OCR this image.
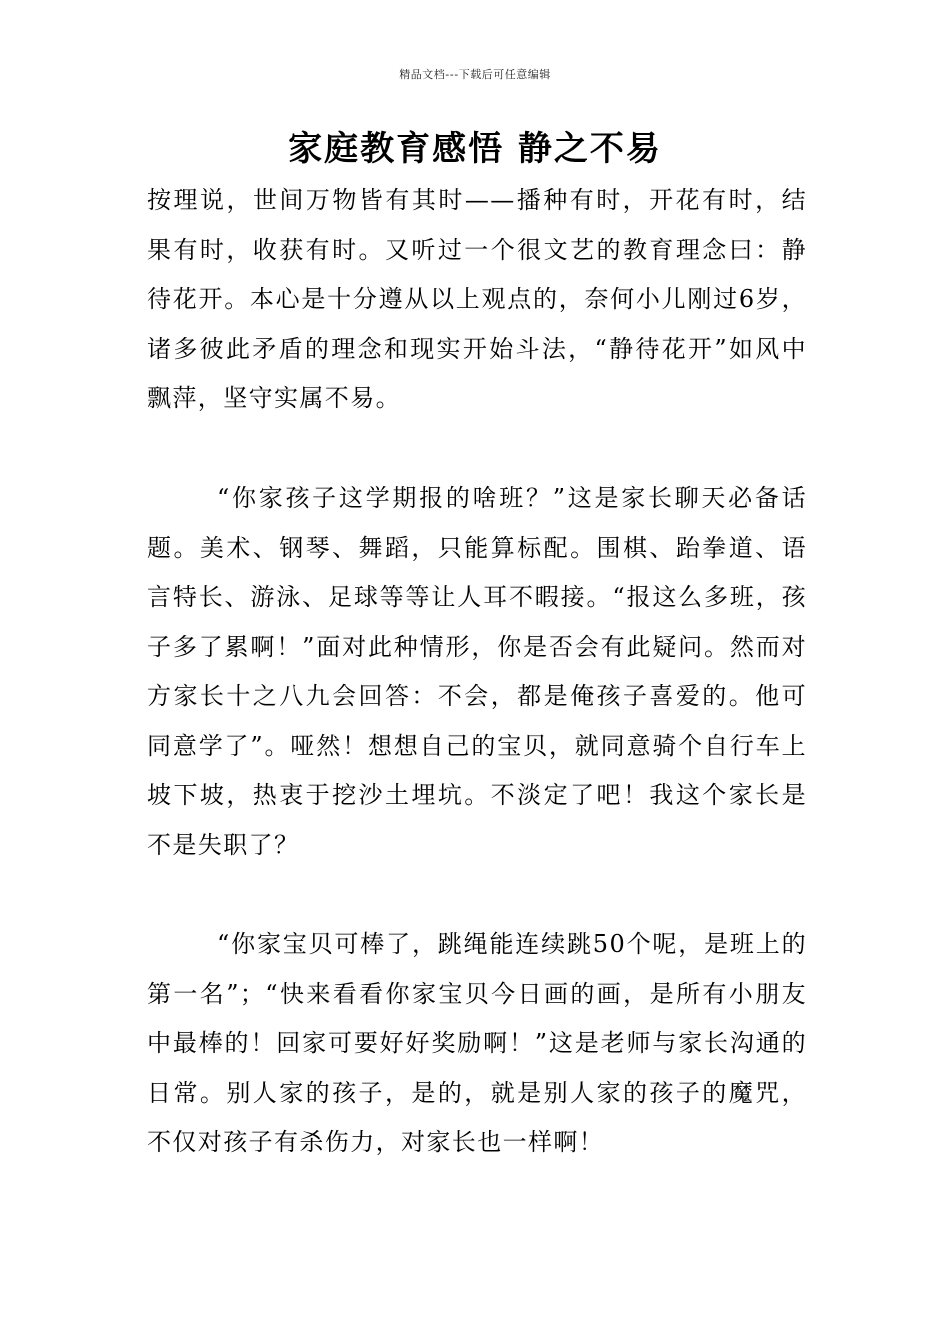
精品文档---下载后可任意编辑
家庭教育感悟 静之不易

按理说，世间万物皆有其时——播种有时，开花有时，结果有时，收获有时。又听过一个很文艺的教育理念曰：静待花开。本心是十分遵从以上观点的，奈何小儿刚过6岁，诸多彼此矛盾的理念和现实开始斗法，“静待花开”如风中飘萍，坚守实属不易。

“你家孩子这学期报的啥班？”这是家长聊天必备话题。美术、钢琴、舞蹈，只能算标配。围棋、跆拳道、语言特长、游泳、足球等等让人耳不暇接。“报这么多班，孩子多了累啊！”面对此种情形，你是否会有此疑问。然而对方家长十之八九会回答：不会，都是俺孩子喜爱的。他可同意学了”。哑然！想想自己的宝贝，就同意骑个自行车上坡下坡，热衷于挖沙土埋坑。不淡定了吧！我这个家长是不是失职了？

“你家宝贝可棒了，跳绳能连续跳50个呢，是班上的第一名”；“快来看看你家宝贝今日画的画，是所有小朋友中最棒的！回家可要好好奖励啊！”这是老师与家长沟通的日常。别人家的孩子，是的，就是别人家的孩子的魔咒，不仅对孩子有杀伤力，对家长也一样啊！
